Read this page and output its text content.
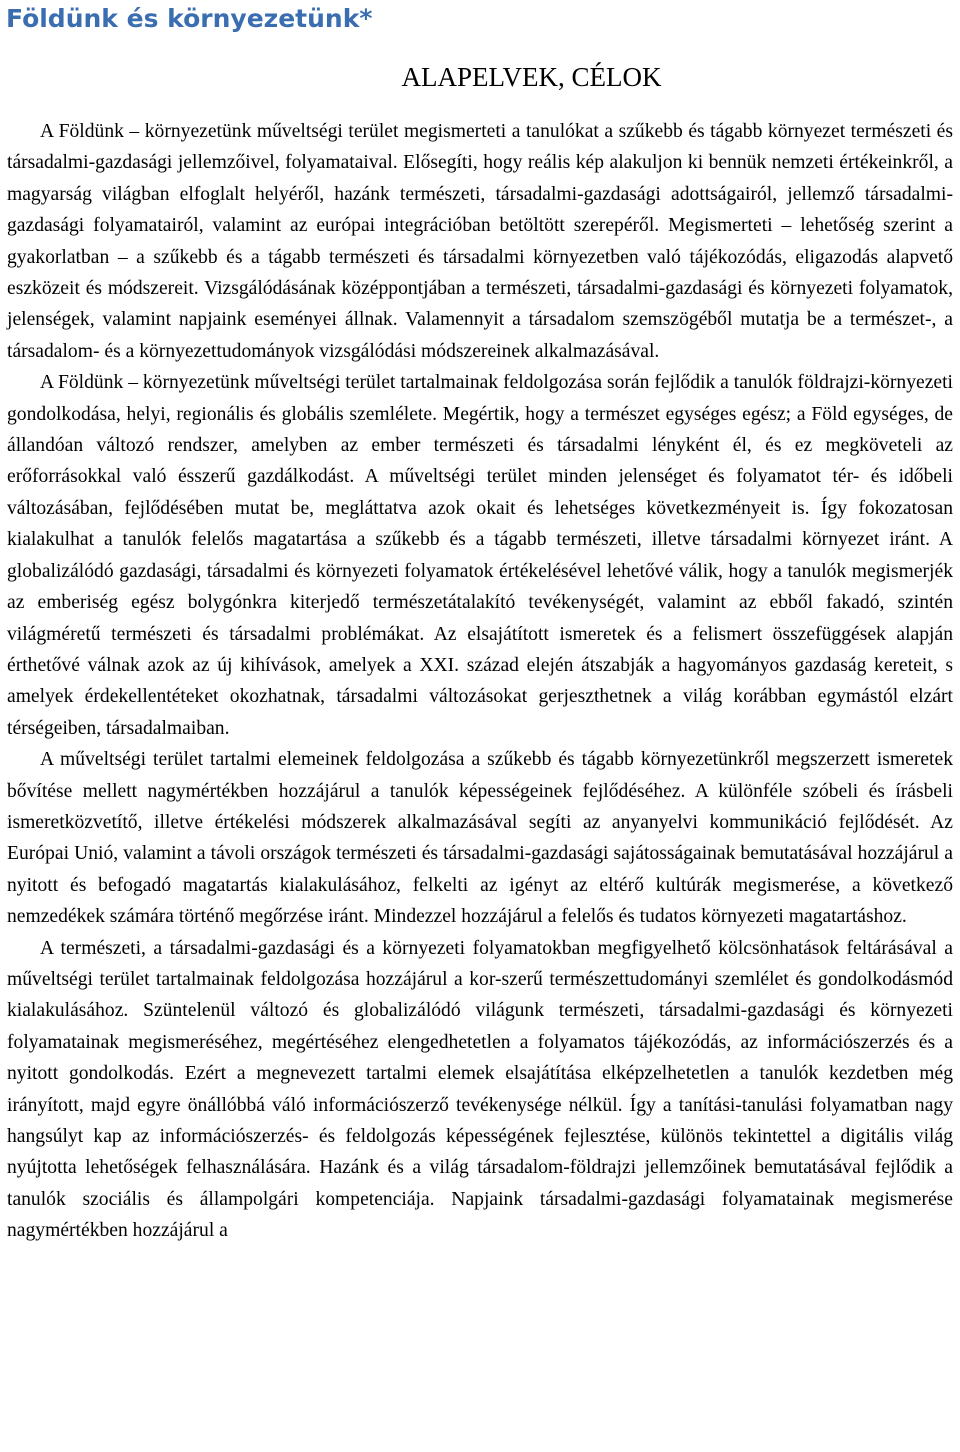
Földünk és környezetünk*
ALAPELVEK, CÉLOK

A Földünk – környezetünk műveltségi terület megismerteti a tanulókat a szűkebb és tágabb környezet természeti és társadalmi-gazdasági jellemzőivel, folyamataival. Elősegíti, hogy reális kép alakuljon ki bennük nemzeti értékeinkről, a magyarság világban elfoglalt helyéről, hazánk természeti, társadalmi-gazdasági adottságairól, jellemző társadalmi-gazdasági folyamatairól, valamint az európai integrációban betöltött szerepéről. Megismerteti – lehetőség szerint a gyakorlatban – a szűkebb és a tágabb természeti és társadalmi környezetben való tájékozódás, eligazodás alapvető eszközeit és módszereit. Vizsgálódásának középpontjában a természeti, társadalmi-gazdasági és környezeti folyamatok, jelenségek, valamint napjaink eseményei állnak. Valamennyit a társadalom szemszögéből mutatja be a természet-, a társadalom- és a környezettudományok vizsgálódási módszereinek alkalmazásával.

A Földünk – környezetünk műveltségi terület tartalmainak feldolgozása során fejlődik a tanulók földrajzi-környezeti gondolkodása, helyi, regionális és globális szemlélete. Megértik, hogy a természet egységes egész; a Föld egységes, de állandóan változó rendszer, amelyben az ember természeti és társadalmi lényként él, és ez megköveteli az erőforrásokkal való ésszerű gazdálkodást. A műveltségi terület minden jelenséget és folyamatot tér- és időbeli változásában, fejlődésében mutat be, megláttatva azok okait és lehetséges következményeit is. Így fokozatosan kialakulhat a tanulók felelős magatartása a szűkebb és a tágabb természeti, illetve társadalmi környezet iránt. A globalizálódó gazdasági, társadalmi és környezeti folyamatok értékelésével lehetővé válik, hogy a tanulók megismerjék az emberiség egész bolygónkra kiterjedő természetátalakító tevékenységét, valamint az ebből fakadó, szintén világméretű természeti és társadalmi problémákat. Az elsajátított ismeretek és a felismert összefüggések alapján érthetővé válnak azok az új kihívások, amelyek a XXI. század elején átszabják a hagyományos gazdaság kereteit, s amelyek érdekellentéteket okozhatnak, társadalmi változásokat gerjeszthetnek a világ korábban egymástól elzárt térségeiben, társadalmaiban.

A műveltségi terület tartalmi elemeinek feldolgozása a szűkebb és tágabb környezetünkről megszerzett ismeretek bővítése mellett nagymértékben hozzájárul a tanulók képességeinek fejlődéséhez. A különféle szóbeli és írásbeli ismeretközvetítő, illetve értékelési módszerek alkalmazásával segíti az anyanyelvi kommunikáció fejlődését. Az Európai Unió, valamint a távoli országok természeti és társadalmi-gazdasági sajátosságainak bemutatásával hozzájárul a nyitott és befogadó magatartás kialakulásához, felkelti az igényt az eltérő kultúrák megismerése, a következő nemzedékek számára történő megőrzése iránt. Mindezzel hozzájárul a felelős és tudatos környezeti magatartáshoz.

A természeti, a társadalmi-gazdasági és a környezeti folyamatokban megfigyelhető kölcsönhatások feltárásával a műveltségi terület tartalmainak feldolgozása hozzájárul a kor-szerű természettudományi szemlélet és gondolkodásmód kialakulásához. Szüntelenül változó és globalizálódó világunk természeti, társadalmi-gazdasági és környezeti folyamatainak megismeréséhez, megértéséhez elengedhetetlen a folyamatos tájékozódás, az információszerzés és a nyitott gondolkodás. Ezért a megnevezett tartalmi elemek elsajátítása elképzelhetetlen a tanulók kezdetben még irányított, majd egyre önállóbbá váló információszerző tevékenysége nélkül. Így a tanítási-tanulási folyamatban nagy hangsúlyt kap az információszerzés- és feldolgozás képességének fejlesztése, különös tekintettel a digitális világ nyújtotta lehetőségek felhasználására. Hazánk és a világ társadalom-földrajzi jellemzőinek bemutatásával fejlődik a tanulók szociális és állampolgári kompetenciája. Napjaink társadalmi-gazdasági folyamatainak megismerése nagymértékben hozzájárul a
